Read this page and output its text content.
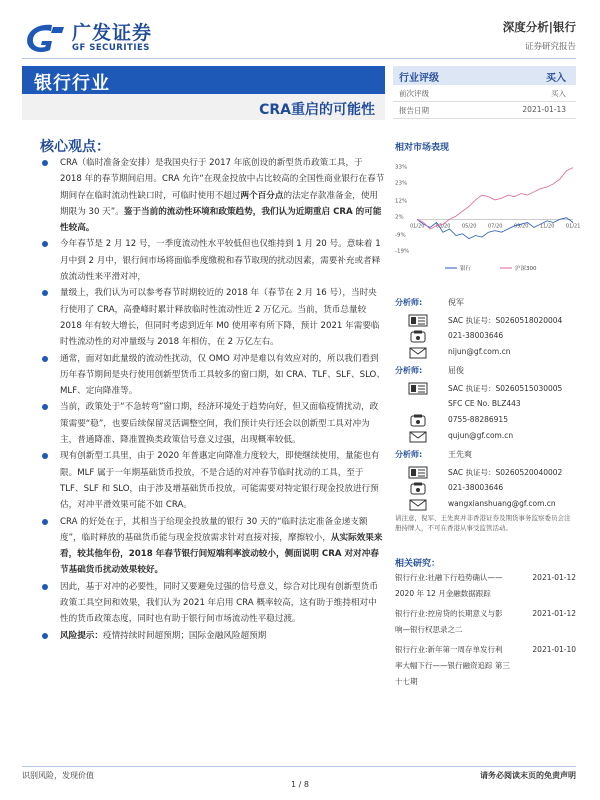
广发证券
GF SECURITIES
深度分析|银行
证券研究报告
银行行业
CRA重启的可能性
行业评级	买入
前次评级	买入
报告日期	2021-01-13
核心观点：
CRA（临时准备金安排）是我国央行于 2017 年底创设的新型货币政策工具，于 2018 年的春节期间启用。CRA 允许“在现金投放中占比较高的全国性商业银行在春节期间存在临时流动性缺口时，可临时使用不超过两个百分点的法定存款准备金，使用期限为 30 天”。鉴于当前的流动性环境和政策趋势，我们认为近期重启 CRA 的可能性较高。
今年春节是 2 月 12 号，一季度流动性水平较低但也仅维持到 1 月 20 号。意味着 1 月中到 2 月中，银行间市场将面临季度缴税和春节取现的扰动因素，需要补充或者释放流动性来平滑对冲，
量级上，我们认为可以参考春节时期较近的 2018 年（春节在 2 月 16 号），当时央行使用了 CRA，高叠峰时累计释放临时性流动性近 2 万亿元。当前，货币总量较 2018 年有较大增长，但同时考虑到近年 M0 使用率有所下降，预计 2021 年需要临时性流动性的对冲量级与 2018 年相仿，在 2 万亿左右。
通常，面对如此量级的流动性扰动，仅 OMO 对冲是难以有效应对的，所以我们看到历年春节期间是央行使用创新型货币工具较多的窗口期，如 CRA、TLF、SLF、SLO、MLF、定向降准等。
当前，政策处于“不急转弯”窗口期，经济环境处于趋势向好，但又面临疫情扰动，政策需要“稳”，也要后续保留灵活调整空间，我们预计央行还会以创新型工具对冲为主，普通降准、降准置换类政策信号意义过强，出现概率较低。
现有创新型工具里，由于 2020 年普惠定向降准力度较大，即使继续使用，量能也有限。MLF 属于一年期基础货币投放，不是合适的对冲春节临时扰动的工具，至于 TLF、SLF 和 SLO，由于涉及增基础货币投放，可能需要对特定银行现金投放进行预估，对冲平滑效果可能不如 CRA。
CRA 的好处在于，其相当于给现金投放量的银行 30 天的“临时法定准备金递支额度”，临时释放的基础货币能与现金投放需求针对直接对接，摩擦较小，从实际效果来看，较其他年份，2018 年春节银行间短端利率波动较小，侧面说明 CRA 对对冲春节基础货币扰动效果较好。
因此，基于对冲的必要性，同时又要避免过强的信号意义，综合对比现有创新型货币政策工具空间和效果，我们认为 2021 年启用 CRA 概率较高，这有助于维持相对中性的货币政策态度，同时也有助于银行间市场流动性平稳过渡。
风险提示：疫情持续时间超预期；国际金融风险超预期
相对市场表现
33%
23%
12%
2%
-9%
-19%
01/20 03/20 05/20 07/20 09/20 11/20 01/21
银行	沪深300
分析师:	倪军
SAC 执证号：S0260518020004
021-38003646
nijun@gf.com.cn
分析师:	屈俊
SAC 执证号：S0260515030005
SFC CE No. BLZ443
0755-88286915
qujun@gf.com.cn
分析师:	王先爽
SAC 执证号：S0260520040002
021-38003646
wangxianshuang@gf.com.cn
请注意，倪军、王先爽并非香港证券及期货事务监察委员会注册持牌人，不可在香港从事受监管活动。
相关研究：
银行行业:社融下行趋势确认——2020 年 12 月金融数据跟踪
2021-01-12
银行行业:控房贷的长期意义与影响—银行权思录之二
2021-01-12
银行行业:新年第一周存单发行利率大幅下行——银行融资追踪 第三十七期
2021-01-10
识别风险，发现价值	请务必阅读末页的免责声明
1 / 8
